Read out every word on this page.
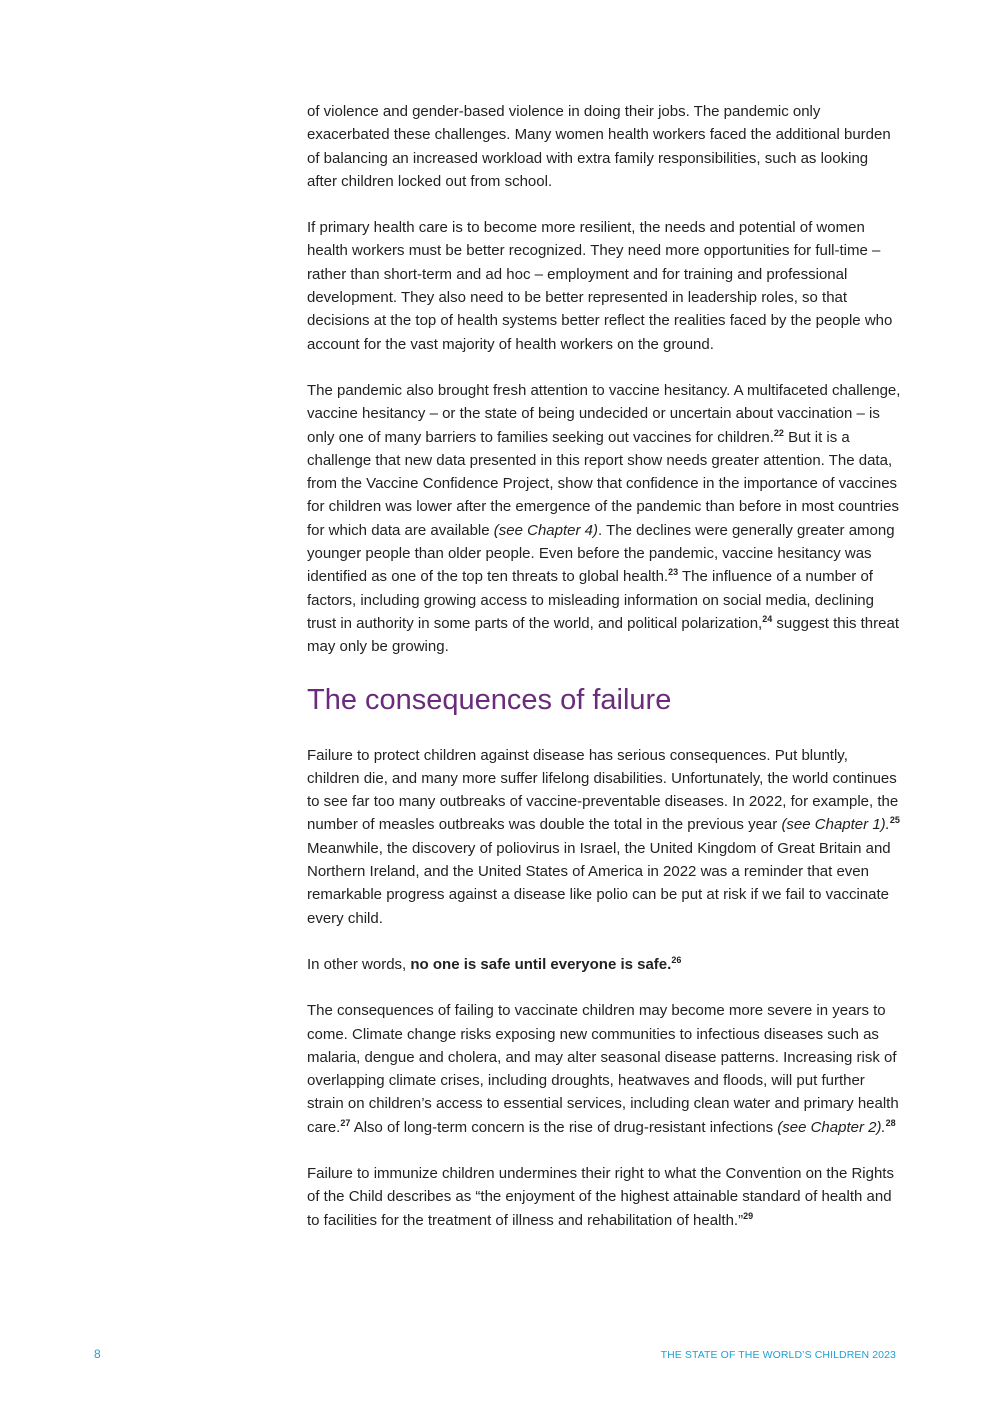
of violence and gender-based violence in doing their jobs. The pandemic only exacerbated these challenges. Many women health workers faced the additional burden of balancing an increased workload with extra family responsibilities, such as looking after children locked out from school.

If primary health care is to become more resilient, the needs and potential of women health workers must be better recognized. They need more opportunities for full-time – rather than short-term and ad hoc – employment and for training and professional development. They also need to be better represented in leadership roles, so that decisions at the top of health systems better reflect the realities faced by the people who account for the vast majority of health workers on the ground.

The pandemic also brought fresh attention to vaccine hesitancy. A multifaceted challenge, vaccine hesitancy – or the state of being undecided or uncertain about vaccination – is only one of many barriers to families seeking out vaccines for children.$^{22}$ But it is a challenge that new data presented in this report show needs greater attention. The data, from the Vaccine Confidence Project, show that confidence in the importance of vaccines for children was lower after the emergence of the pandemic than before in most countries for which data are available (see Chapter 4). The declines were generally greater among younger people than older people. Even before the pandemic, vaccine hesitancy was identified as one of the top ten threats to global health.$^{23}$ The influence of a number of factors, including growing access to misleading information on social media, declining trust in authority in some parts of the world, and political polarization,$^{24}$ suggest this threat may only be growing.

The consequences of failure

Failure to protect children against disease has serious consequences. Put bluntly, children die, and many more suffer lifelong disabilities. Unfortunately, the world continues to see far too many outbreaks of vaccine-preventable diseases. In 2022, for example, the number of measles outbreaks was double the total in the previous year (see Chapter 1).$^{25}$ Meanwhile, the discovery of poliovirus in Israel, the United Kingdom of Great Britain and Northern Ireland, and the United States of America in 2022 was a reminder that even remarkable progress against a disease like polio can be put at risk if we fail to vaccinate every child.

In other words, no one is safe until everyone is safe.$^{26}$

The consequences of failing to vaccinate children may become more severe in years to come. Climate change risks exposing new communities to infectious diseases such as malaria, dengue and cholera, and may alter seasonal disease patterns. Increasing risk of overlapping climate crises, including droughts, heatwaves and floods, will put further strain on children’s access to essential services, including clean water and primary health care.$^{27}$ Also of long-term concern is the rise of drug-resistant infections (see Chapter 2).$^{28}$

Failure to immunize children undermines their right to what the Convention on the Rights of the Child describes as “the enjoyment of the highest attainable standard of health and to facilities for the treatment of illness and rehabilitation of health.”$^{29}$

8	THE STATE OF THE WORLD’S CHILDREN 2023
